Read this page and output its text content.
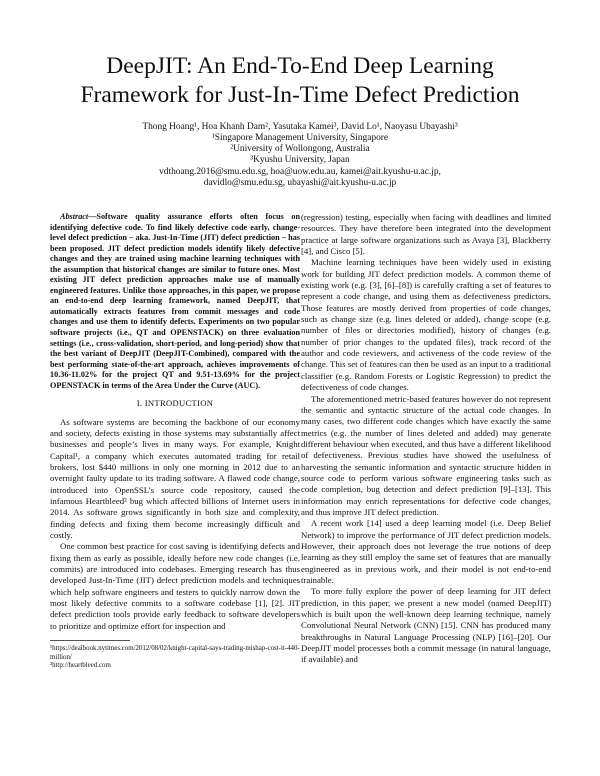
DeepJIT: An End-To-End Deep Learning
Framework for Just-In-Time Defect Prediction
Thong Hoang¹, Hoa Khanh Dam², Yasutaka Kamei³, David Lo¹, Naoyasu Ubayashi³
¹Singapore Management University, Singapore
²University of Wollongong, Australia
³Kyushu University, Japan
vdthoang.2016@smu.edu.sg, hoa@uow.edu.au, kamei@ait.kyushu-u.ac.jp,
davidlo@smu.edu.sg, ubayashi@ait.kyushu-u.ac.jp

Abstract—Software quality assurance efforts often focus on identifying defective code. To find likely defective code early, change-level defect prediction – aka. Just-In-Time (JIT) defect prediction – has been proposed. JIT defect prediction models identify likely defective changes and they are trained using machine learning techniques with the assumption that historical changes are similar to future ones. Most existing JIT defect prediction approaches make use of manually engineered features. Unlike those approaches, in this paper, we propose an end-to-end deep learning framework, named DeepJIT, that automatically extracts features from commit messages and code changes and use them to identify defects. Experiments on two popular software projects (i.e., QT and OPENSTACK) on three evaluation settings (i.e., cross-validation, short-period, and long-period) show that the best variant of DeepJIT (DeepJIT-Combined), compared with the best performing state-of-the-art approach, achieves improvements of 10.36-11.02% for the project QT and 9.51-13.69% for the project OPENSTACK in terms of the Area Under the Curve (AUC).

I. INTRODUCTION

As software systems are becoming the backbone of our economy and society, defects existing in those systems may substantially affect businesses and people’s lives in many ways. For example, Knight Capital¹, a company which executes automated trading for retail brokers, lost $440 millions in only one morning in 2012 due to an overnight faulty update to its trading software. A flawed code change, introduced into OpenSSL’s source code repository, caused the infamous Heartbleed² bug which affected billions of Internet users in 2014. As software grows significantly in both size and complexity, finding defects and fixing them become increasingly difficult and costly.

One common best practice for cost saving is identifying defects and fixing them as early as possible, ideally before new code changes (i.e. commits) are introduced into codebases. Emerging research has thus developed Just-In-Time (JIT) defect prediction models and techniques which help software engineers and testers to quickly narrow down the most likely defective commits to a software codebase [1], [2]. JIT defect prediction tools provide early feedback to software developers to prioritize and optimize effort for inspection and

¹https://dealbook.nytimes.com/2012/08/02/knight-capital-says-trading-mishap-cost-it-440-million/

²http://heartbleed.com

(regression) testing, especially when facing with deadlines and limited resources. They have therefore been integrated into the development practice at large software organizations such as Avaya [3], Blackberry [4], and Cisco [5].

Machine learning techniques have been widely used in existing work for building JIT defect prediction models. A common theme of existing work (e.g. [3], [6]–[8]) is carefully crafting a set of features to represent a code change, and using them as defectiveness predictors. Those features are mostly derived from properties of code changes, such as change size (e.g. lines deleted or added), change scope (e.g. number of files or directories modified), history of changes (e.g. number of prior changes to the updated files), track record of the author and code reviewers, and activeness of the code review of the change. This set of features can then be used as an input to a traditional classifier (e.g. Random Forests or Logistic Regression) to predict the defectiveness of code changes.

The aforementioned metric-based features however do not represent the semantic and syntactic structure of the actual code changes. In many cases, two different code changes which have exactly the same metrics (e.g. the number of lines deleted and added) may generate different behaviour when executed, and thus have a different likelihood of defectiveness. Previous studies have showed the usefulness of harvesting the semantic information and syntactic structure hidden in source code to perform various software engineering tasks such as code completion, bug detection and defect prediction [9]–[13]. This information may enrich representations for defective code changes, and thus improve JIT defect prediction.

A recent work [14] used a deep learning model (i.e. Deep Belief Network) to improve the performance of JIT defect prediction models. However, their approach does not leverage the true notions of deep learning as they still employ the same set of features that are manually engineered as in previous work, and their model is not end-to-end trainable.

To more fully explore the power of deep learning for JIT defect prediction, in this paper, we present a new model (named DeepJIT) which is built upon the well-known deep learning technique, namely Convolutional Neural Network (CNN) [15]. CNN has produced many breakthroughs in Natural Language Processing (NLP) [16]–[20]. Our DeepJIT model processes both a commit message (in natural language, if available) and
